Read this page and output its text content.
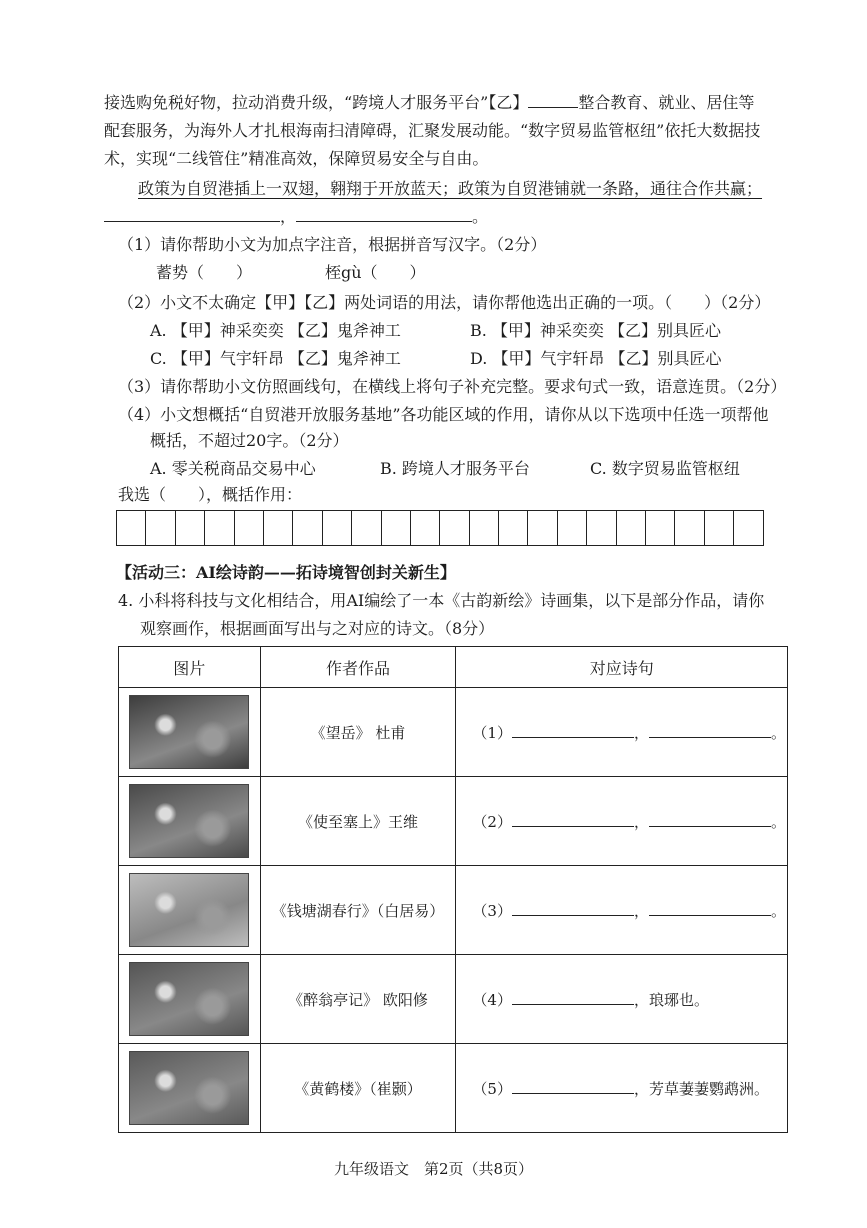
接选购免税好物，拉动消费升级，“跨境人才服务平台”【乙】	整合教育、就业、居住等
配套服务，为海外人才扎根海南扫清障碍，汇聚发展动能。“数字贸易监管枢纽”依托大数据技
术，实现“二线管住”精准高效，保障贸易安全与自由。
政策为自贸港插上一双翅，翱翔于开放蓝天；政策为自贸港铺就一条路，通往合作共赢；
，	。
（1）请你帮助小文为加点字注音，根据拼音写汉字。（2分）
蓄势（　　）	桎gù（　　）
（2）小文不太确定【甲】【乙】两处词语的用法，请你帮他选出正确的一项。（　　）（2分）
A. 【甲】神采奕奕 【乙】鬼斧神工	B. 【甲】神采奕奕 【乙】别具匠心
C. 【甲】气宇轩昂 【乙】鬼斧神工	D. 【甲】气宇轩昂 【乙】别具匠心
（3）请你帮助小文仿照画线句，在横线上将句子补充完整。要求句式一致，语意连贯。（2分）
（4）小文想概括“自贸港开放服务基地”各功能区域的作用，请你从以下选项中任选一项帮他
概括，不超过20字。（2分）
A. 零关税商品交易中心	B. 跨境人才服务平台	C. 数字贸易监管枢纽
我选（　　），概括作用：
【活动三：AI绘诗韵——拓诗境智创封关新生】
4. 小科将科技与文化相结合，用AI编绘了一本《古韵新绘》诗画集，以下是部分作品，请你
观察画作，根据画面写出与之对应的诗文。（8分）
图片	作者作品	对应诗句

	《望岳》 杜甫	（1） ， 。

	《使至塞上》王维	（2） ， 。

	《钱塘湖春行》（白居易）	（3） ， 。

	《醉翁亭记》 欧阳修	（4） ，琅琊也。

	《黄鹤楼》（崔颢）	（5） ，芳草萋萋鹦鹉洲。
九年级语文　第2页（共8页）
